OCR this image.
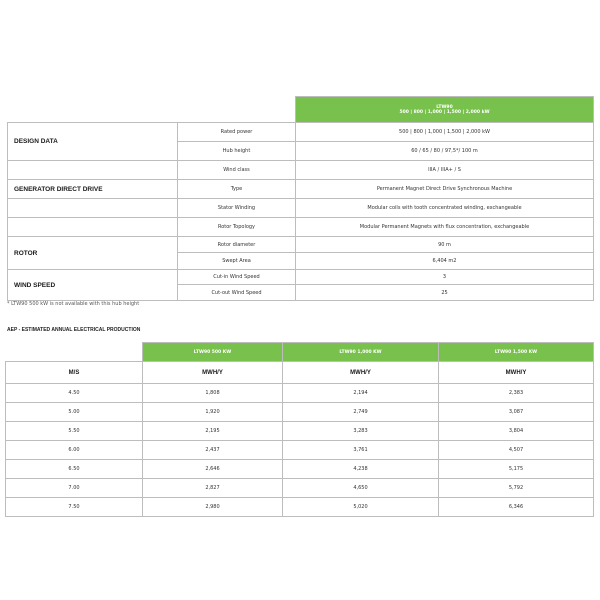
		LTW90
500 | 800 | 1,000 | 1,500 | 2,000 kW

DESIGN DATA	Rated power	500 | 800 | 1,000 | 1,500 | 2,000 kW
	Hub height	60 / 65 / 80 / 97,5*/ 100 m
	Wind class	IIIA / IIIA+ / S
GENERATOR DIRECT DRIVE	Type	Permanent Magnet Direct Drive Synchronous Machine
	Stator Winding	Modular coils with tooth concentrated winding, exchangeable
	Rotor Topology	Modular Permanent Magnets with flux concentration, exchangeable
ROTOR	Rotor diameter	90 m
	Swept Area	6,404 m2
WIND SPEED	Cut-in Wind Speed	3
	Cut-out Wind Speed	25
* LTW90 500 kW is not available with this hub height
AEP - ESTIMATED ANNUAL ELECTRICAL PRODUCTION
	LTW90 500 KW	LTW90 1,000 KW	LTW90 1,500 KW
M/S	MWH/Y	MWH/Y	MWH/Y
4.50	1,808	2,194	2,383
5.00	1,920	2,749	3,087
5.50	2,195	3,283	3,804
6.00	2,437	3,761	4,507
6.50	2,646	4,238	5,175
7.00	2,827	4,650	5,792
7.50	2,980	5,020	6,346
